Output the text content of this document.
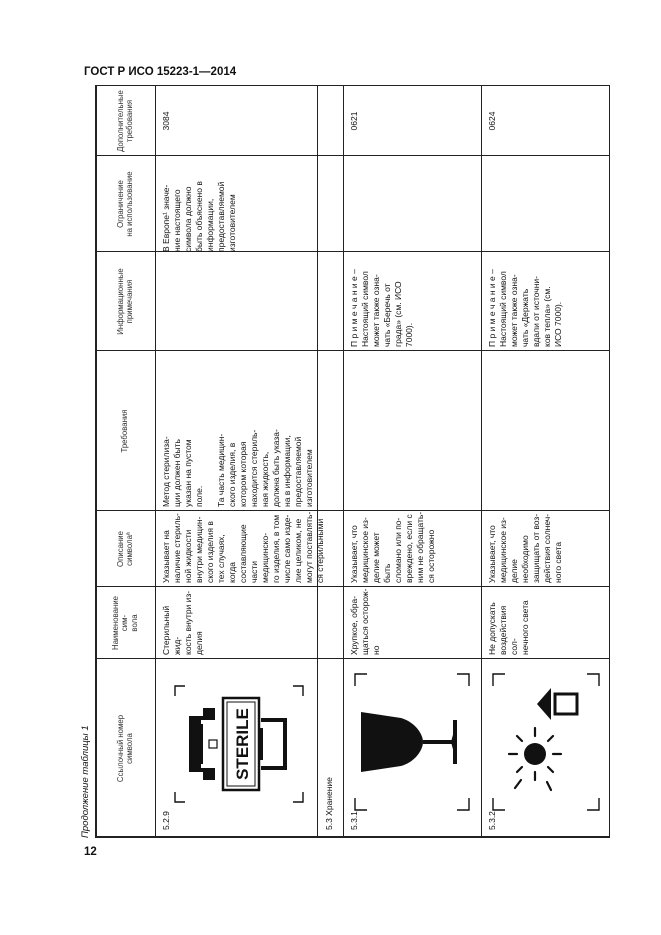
ГОСТ Р ИСО 15223-1—2014
12
Продолжение таблицы 1	Ссылочный номер
символа
Наименование сим-
вола
Описание
символаª
Требования
Информационные
примечания
Ограничение
на использование
Дополнительные
требования
5.2.9
STERILE
Стерильный жид-
кость внутри из-
делия
Указывает на
наличие стериль-
ной жидкости
внутри медицин-
ского изделия в
тех случаях, когда
составляющие
части медицинско-
го изделия, в том
числе само изде-
лие целиком, не
могут поставлять-
ся стерильными
Метод стерилиза-
ции должен быть
указан на пустом
поле.

Та часть медицин-
ского изделия, в
котором которая
находится стериль-
ная жидкость,
должна быть указа-
на в информации,
предоставляемой
изготовителем
В Европе¹ значе-
ние настоящего
символа должно
быть объяснено в
информации,
предоставляемой
изготовителем
3084
5.3 Хранение 5.3.1
Хрупкое, обра-
щаться осторож-
но
Указывает, что
медицинское из-
делие может быть
сломано или по-
вреждено, если с
ним не обращать-
ся осторожно
П р и м е ч а н и е –
Настоящий символ
может также озна-
чать «Беречь от
града» (см. ИСО
7000).
0621
5.3.2
Не допускать
воздействия сол-
нечного света
Указывает, что
медицинское из-
делие необходимо
защищать от воз-
действия солнеч-
ного света
П р и м е ч а н и е –
Настоящий символ
может также озна-
чать «Держать
вдали от источни-
ков тепла» (см.
ИСО 7000).
0624
